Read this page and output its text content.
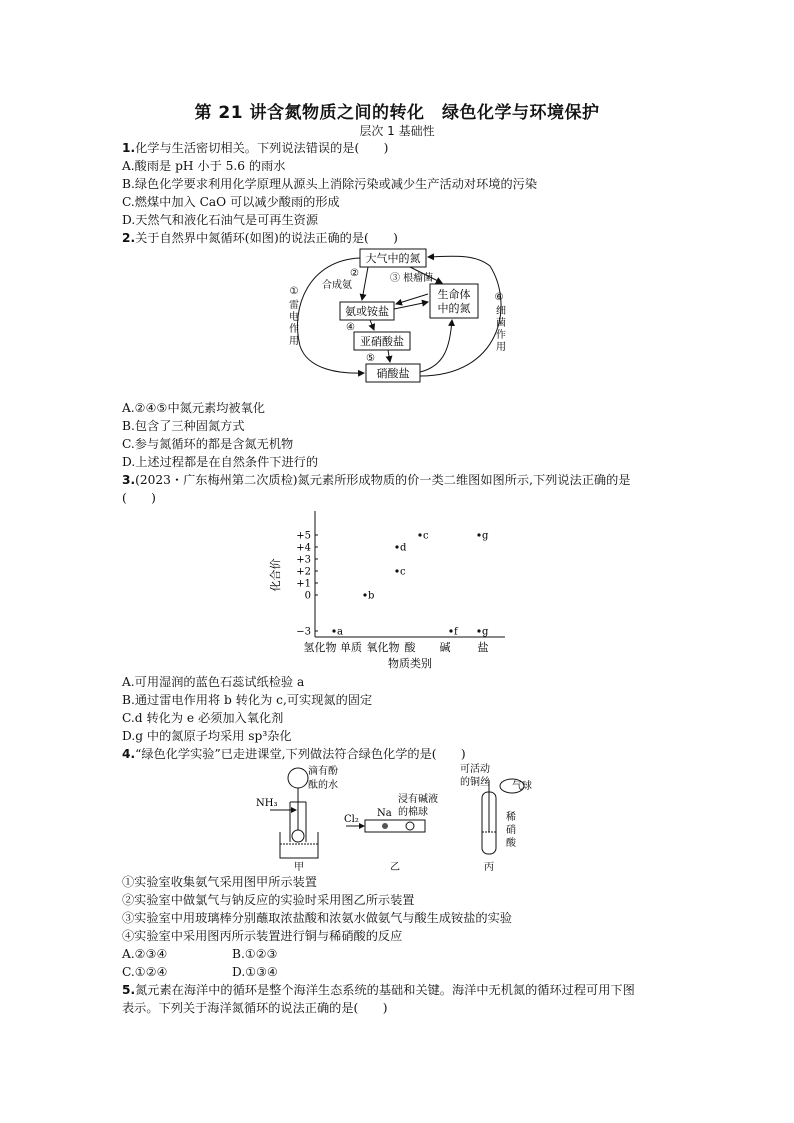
第 21 讲含氮物质之间的转化　绿色化学与环境保护
层次 1 基础性
1.化学与生活密切相关。下列说法错误的是(　　)
A.酸雨是 pH 小于 5.6 的雨水
B.绿色化学要求利用化学原理从源头上消除污染或减少生产活动对环境的污染
C.燃煤中加入 CaO 可以减少酸雨的形成
D.天然气和液化石油气是可再生资源
2.关于自然界中氮循环(如图)的说法正确的是(　　)
大气中的氮
氨或铵盐
生命体
中的氮
亚硝酸盐
硝酸盐
①
雷
电
作
用
②
合成氨
③ 根瘤菌
④
⑤
⑥
细
菌
作
用
A.②④⑤中氮元素均被氧化
B.包含了三种固氮方式
C.参与氮循环的都是含氮无机物
D.上述过程都是在自然条件下进行的
3.(2023・广东梅州第二次质检)氮元素所形成物质的价一类二维图如图所示,下列说法正确的是
(　　)
化合价
物质类别
+5
+4
+3
+2
+1
0
−3
氢化物 单质 氧化物 酸 碱 盐
a
b
c
d
c
f
g
g
A.可用湿润的蓝色石蕊试纸检验 a
B.通过雷电作用将 b 转化为 c,可实现氮的固定
C.d 转化为 e 必须加入氧化剂
D.g 中的氮原子均采用 sp³杂化
4.“绿色化学实验”已走进课堂,下列做法符合绿色化学的是(　　)
NH₃
滴有酚
酞的水
甲
Cl₂
Na
浸有碱液
的棉球
乙
可活动
的铜丝 气球
稀
硝
酸
丙
①实验室收集氨气采用图甲所示装置
②实验室中做氯气与钠反应的实验时采用图乙所示装置
③实验室中用玻璃棒分别蘸取浓盐酸和浓氨水做氨气与酸生成铵盐的实验
④实验室中采用图丙所示装置进行铜与稀硝酸的反应
A.②③④	B.①②③
C.①②④	D.①③④
5.氮元素在海洋中的循环是整个海洋生态系统的基础和关键。海洋中无机氮的循环过程可用下图
表示。下列关于海洋氮循环的说法正确的是(　　)
